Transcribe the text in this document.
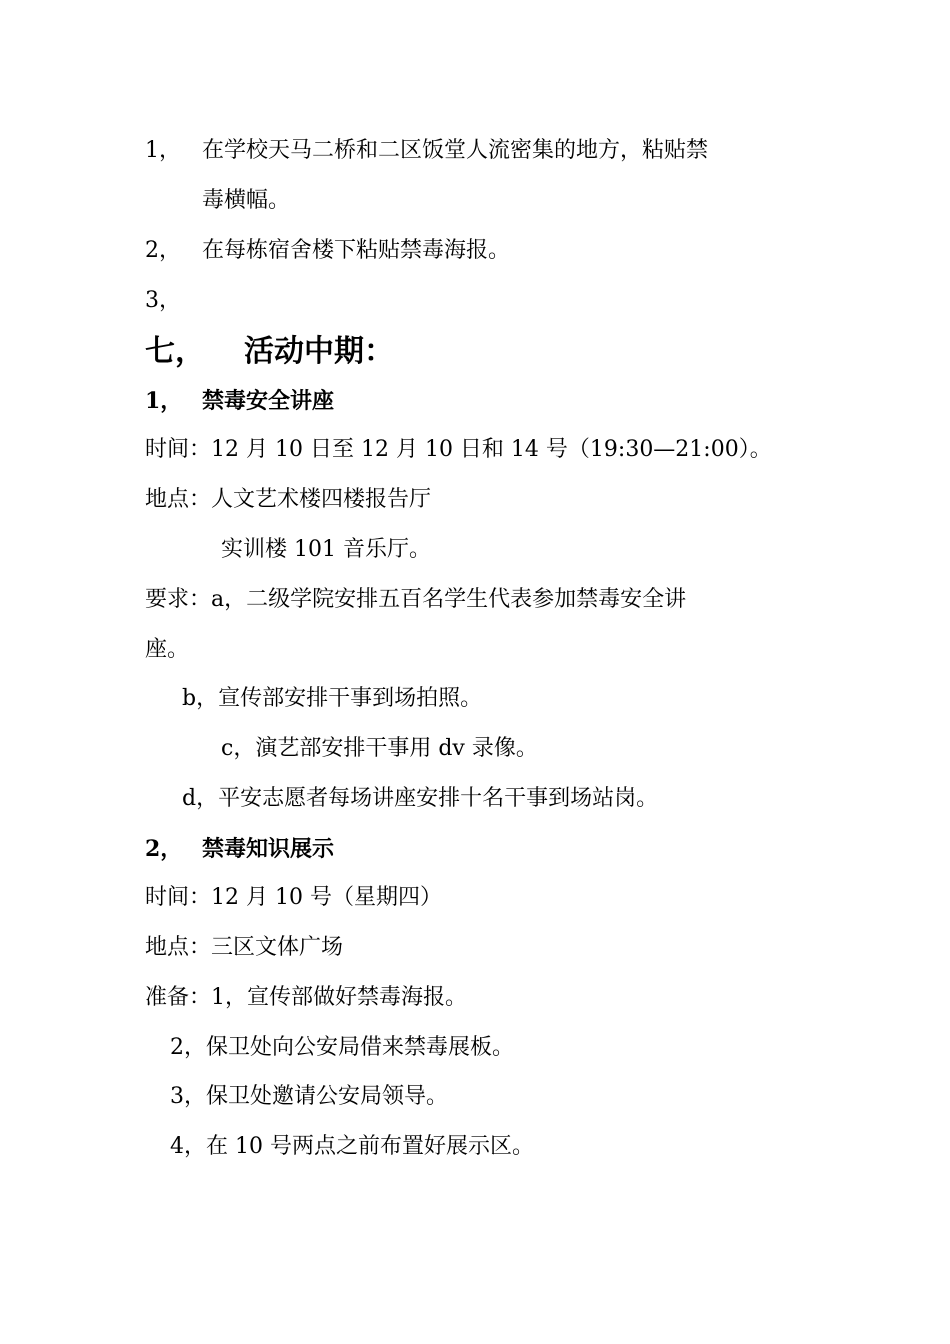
1， 在学校天马二桥和二区饭堂人流密集的地方，粘贴禁
毒横幅。
2， 在每栋宿舍楼下粘贴禁毒海报。
3，
七， 活动中期：
1， 禁毒安全讲座
时间：12 月 10 日至 12 月 10 日和 14 号（19:30—21:00）。
地点：人文艺术楼四楼报告厅
实训楼 101 音乐厅。
要求：a，二级学院安排五百名学生代表参加禁毒安全讲
座。
b，宣传部安排干事到场拍照。
c，演艺部安排干事用 dv 录像。
d，平安志愿者每场讲座安排十名干事到场站岗。
2， 禁毒知识展示
时间：12 月 10 号（星期四）
地点：三区文体广场
准备：1，宣传部做好禁毒海报。
2，保卫处向公安局借来禁毒展板。
3，保卫处邀请公安局领导。
4，在 10 号两点之前布置好展示区。
